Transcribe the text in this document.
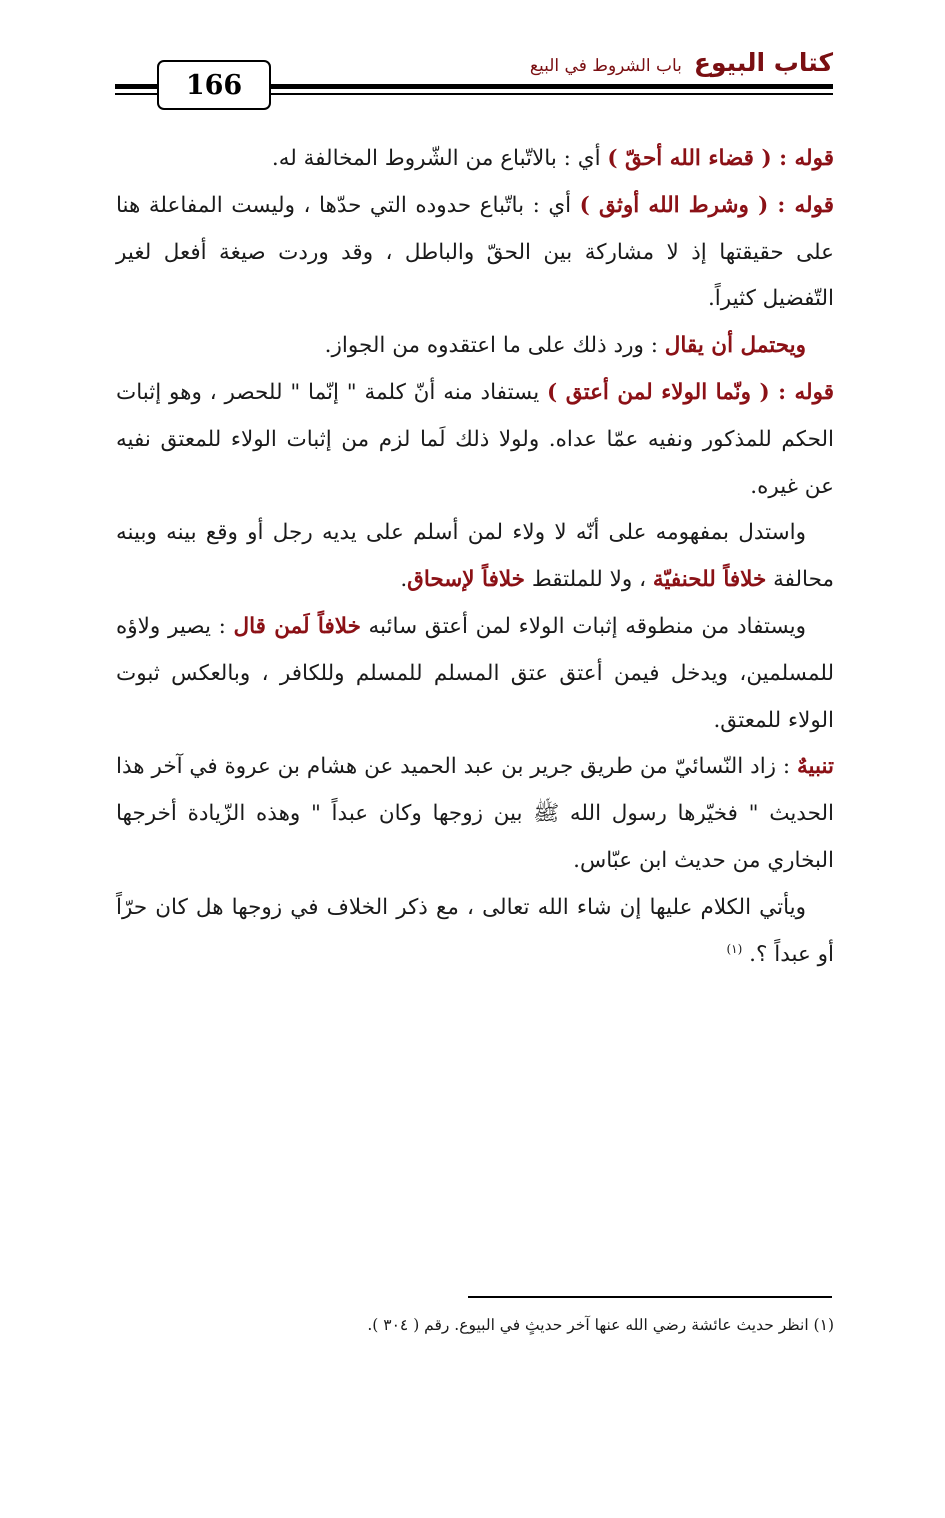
166
كتاب البيوع
باب الشروط في البيع

قوله : ( قضاء الله أحقّ ) أي : بالاتّباع من الشّروط المخالفة له.

قوله : ( وشرط الله أوثق ) أي : باتّباع حدوده التي حدّها ، وليست المفاعلة هنا على حقيقتها إذ لا مشاركة بين الحقّ والباطل ، وقد وردت صيغة أفعل لغير التّفضيل كثيراً.

ويحتمل أن يقال : ورد ذلك على ما اعتقدوه من الجواز.

قوله : ( ونّما الولاء لمن أعتق ) يستفاد منه أنّ كلمة " إنّما " للحصر ، وهو إثبات الحكم للمذكور ونفيه عمّا عداه. ولولا ذلك لَما لزم من إثبات الولاء للمعتق نفيه عن غيره.

واستدل بمفهومه على أنّه لا ولاء لمن أسلم على يديه رجل أو وقع بينه وبينه محالفة خلافاً للحنفيّة ، ولا للملتقط خلافاً لإسحاق.

ويستفاد من منطوقه إثبات الولاء لمن أعتق سائبه خلافاً لَمن قال : يصير ولاؤه للمسلمين، ويدخل فيمن أعتق عتق المسلم للمسلم وللكافر ، وبالعكس ثبوت الولاء للمعتق.

تنبيهٌ : زاد النّسائيّ من طريق جرير بن عبد الحميد عن هشام بن عروة في آخر هذا الحديث " فخيّرها رسول الله ﷺ بين زوجها وكان عبداً " وهذه الزّيادة أخرجها البخاري من حديث ابن عبّاس.

ويأتي الكلام عليها إن شاء الله تعالى ، مع ذكر الخلاف في زوجها هل كان حرّاً أو عبداً ؟. $^{(١)}$

(١) انظر حديث عائشة رضي الله عنها آخر حديثٍ في البيوع. رقم ( ٣٠٤ ).
